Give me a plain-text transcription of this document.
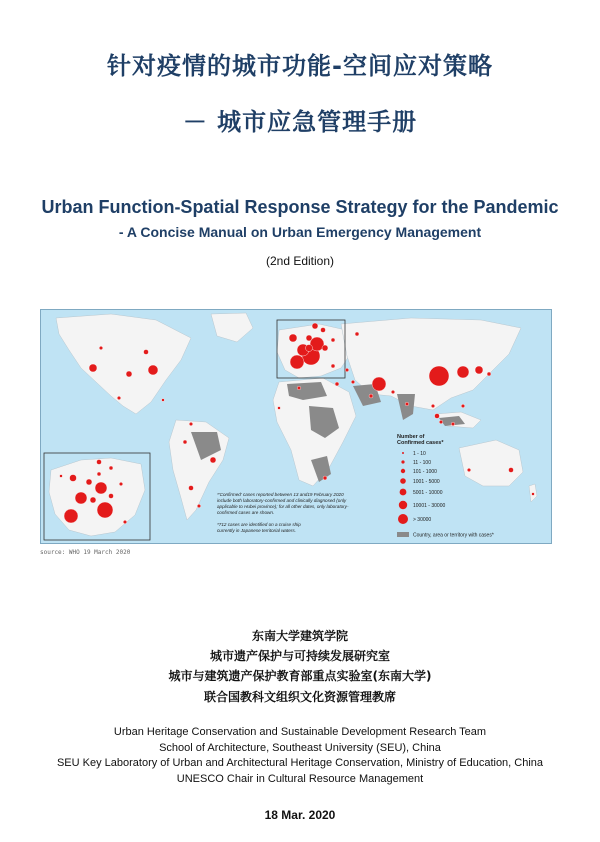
针对疫情的城市功能-空间应对策略
－ 城市应急管理手册
Urban Function-Spatial Response Strategy for the Pandemic
- A Concise Manual on Urban Emergency Management
(2nd Edition)
*'Confirmed' cases reported between 13 and19 February 2020
include both laboratory-confirmed and clinically diagnosed (only
applicable to Hubei province); for all other dates, only laboratory-
confirmed cases are shown.
*712 cases are identified on a cruise ship
currently in Japanese territorial waters.
Number of
Confirmed cases*
1 - 10
11 - 100
101 - 1000
1001 - 5000
5001 - 10000
10001 - 30000
> 30000
Country, area or territory with cases*
source: WHO 19 March 2020
东南大学建筑学院
城市遗产保护与可持续发展研究室
城市与建筑遗产保护教育部重点实验室(东南大学)
联合国教科文组织文化资源管理教席
Urban Heritage Conservation and Sustainable Development Research Team
School of Architecture, Southeast University (SEU), China
SEU Key Laboratory of Urban and Architectural Heritage Conservation, Ministry of Education, China
UNESCO Chair in Cultural Resource Management
18 Mar. 2020
